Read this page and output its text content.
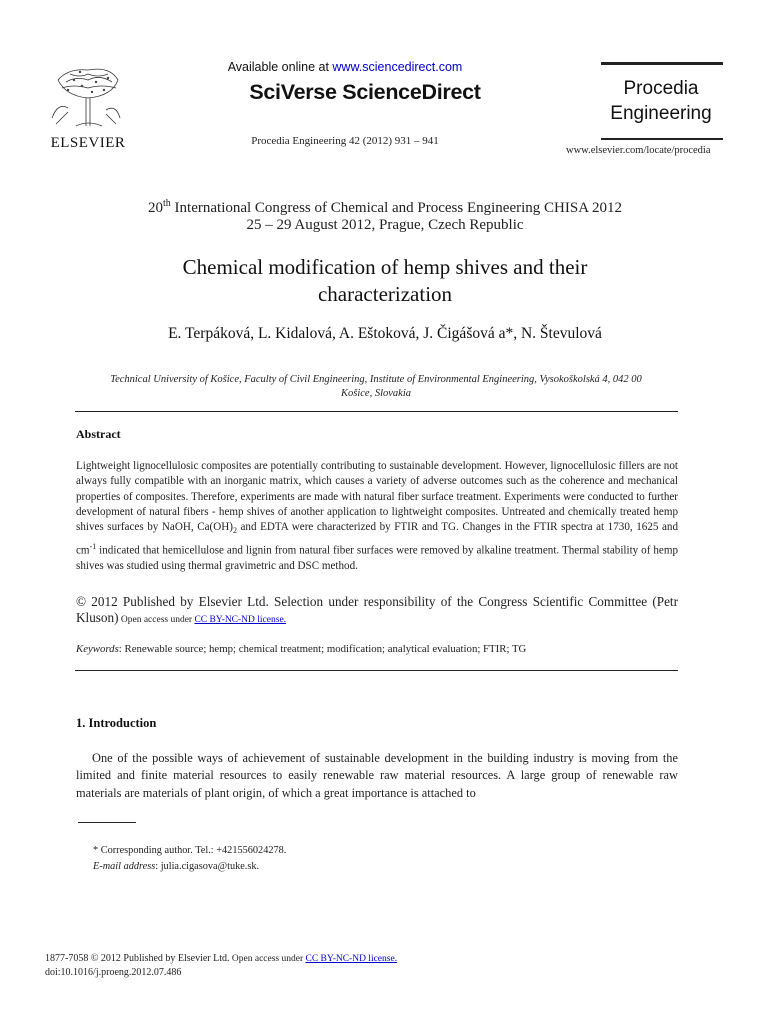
ELSEVIER
Available online at www.sciencedirect.com
SciVerse ScienceDirect
Procedia Engineering 42 (2012) 931 – 941
Procedia
Engineering
www.elsevier.com/locate/procedia
20th International Congress of Chemical and Process Engineering CHISA 2012
25 – 29 August 2012, Prague, Czech Republic
Chemical modification of hemp shives and their
characterization
E. Terpáková, L. Kidalová, A. Eštoková, J. Čigášová a*, N. Števulová
Technical University of Košice, Faculty of Civil Engineering, Institute of Environmental Engineering, Vysokoškolská 4, 042 00
Košice, Slovakia
Abstract
Lightweight lignocellulosic composites are potentially contributing to sustainable development. However, lignocellulosic fillers are not always fully compatible with an inorganic matrix, which causes a variety of adverse outcomes such as the coherence and mechanical properties of composites. Therefore, experiments are made with natural fiber surface treatment. Experiments were conducted to further development of natural fibers - hemp shives of another application to lightweight composites. Untreated and chemically treated hemp shives surfaces by NaOH, $Ca(OH)_2$ and EDTA were characterized by FTIR and TG. Changes in the FTIR spectra at 1730, 1625 and $cm^{-1}$ indicated that hemicellulose and lignin from natural fiber surfaces were removed by alkaline treatment. Thermal stability of hemp shives was studied using thermal gravimetric and DSC method.
© 2012 Published by Elsevier Ltd. Selection under responsibility of the Congress Scientific Committee (Petr Kluson) Open access under CC BY-NC-ND license.
Keywords: Renewable source; hemp; chemical treatment; modification; analytical evaluation; FTIR; TG
1. Introduction
One of the possible ways of achievement of sustainable development in the building industry is moving from the limited and finite material resources to easily renewable raw material resources. A large group of renewable raw materials are materials of plant origin, of which a great importance is attached to
* Corresponding author. Tel.: +421556024278.
E-mail address: julia.cigasova@tuke.sk.
1877-7058 © 2012 Published by Elsevier Ltd. Open access under CC BY-NC-ND license.
doi:10.1016/j.proeng.2012.07.486
